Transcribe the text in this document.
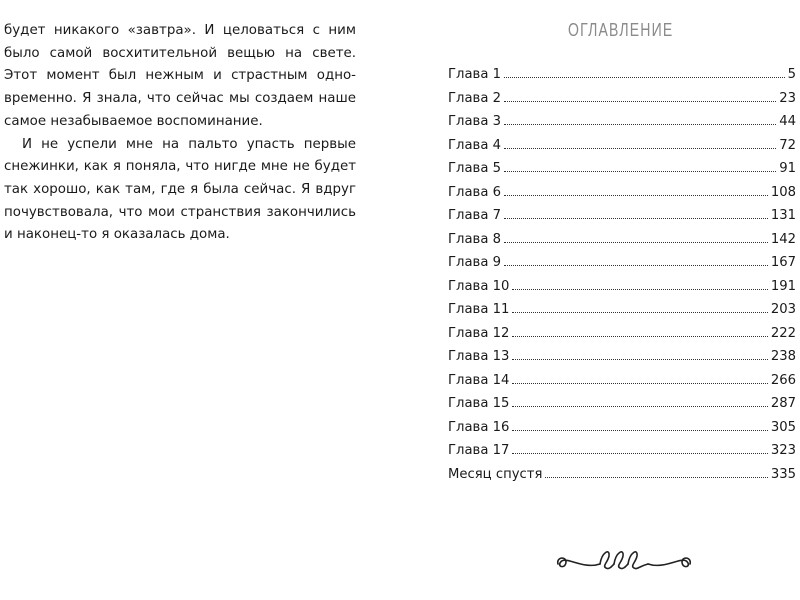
будет никакого «завтра». И целоваться с ним было самой восхитительной вещью на свете. Этот момент был нежным и страстным одновременно. Я знала, что сейчас мы создаем наше самое незабываемое воспоминание.

И не успели мне на пальто упасть первые снежинки, как я поняла, что нигде мне не будет так хорошо, как там, где я была сейчас. Я вдруг почувствовала, что мои странствия закончились и наконец-то я оказалась дома.

ОГЛАВЛЕНИЕ
Глава 1	5
Глава 2	23
Глава 3	44
Глава 4	72
Глава 5	91
Глава 6	108
Глава 7	131
Глава 8	142
Глава 9	167
Глава 10	191
Глава 11	203
Глава 12	222
Глава 13	238
Глава 14	266
Глава 15	287
Глава 16	305
Глава 17	323
Месяц спустя	335
